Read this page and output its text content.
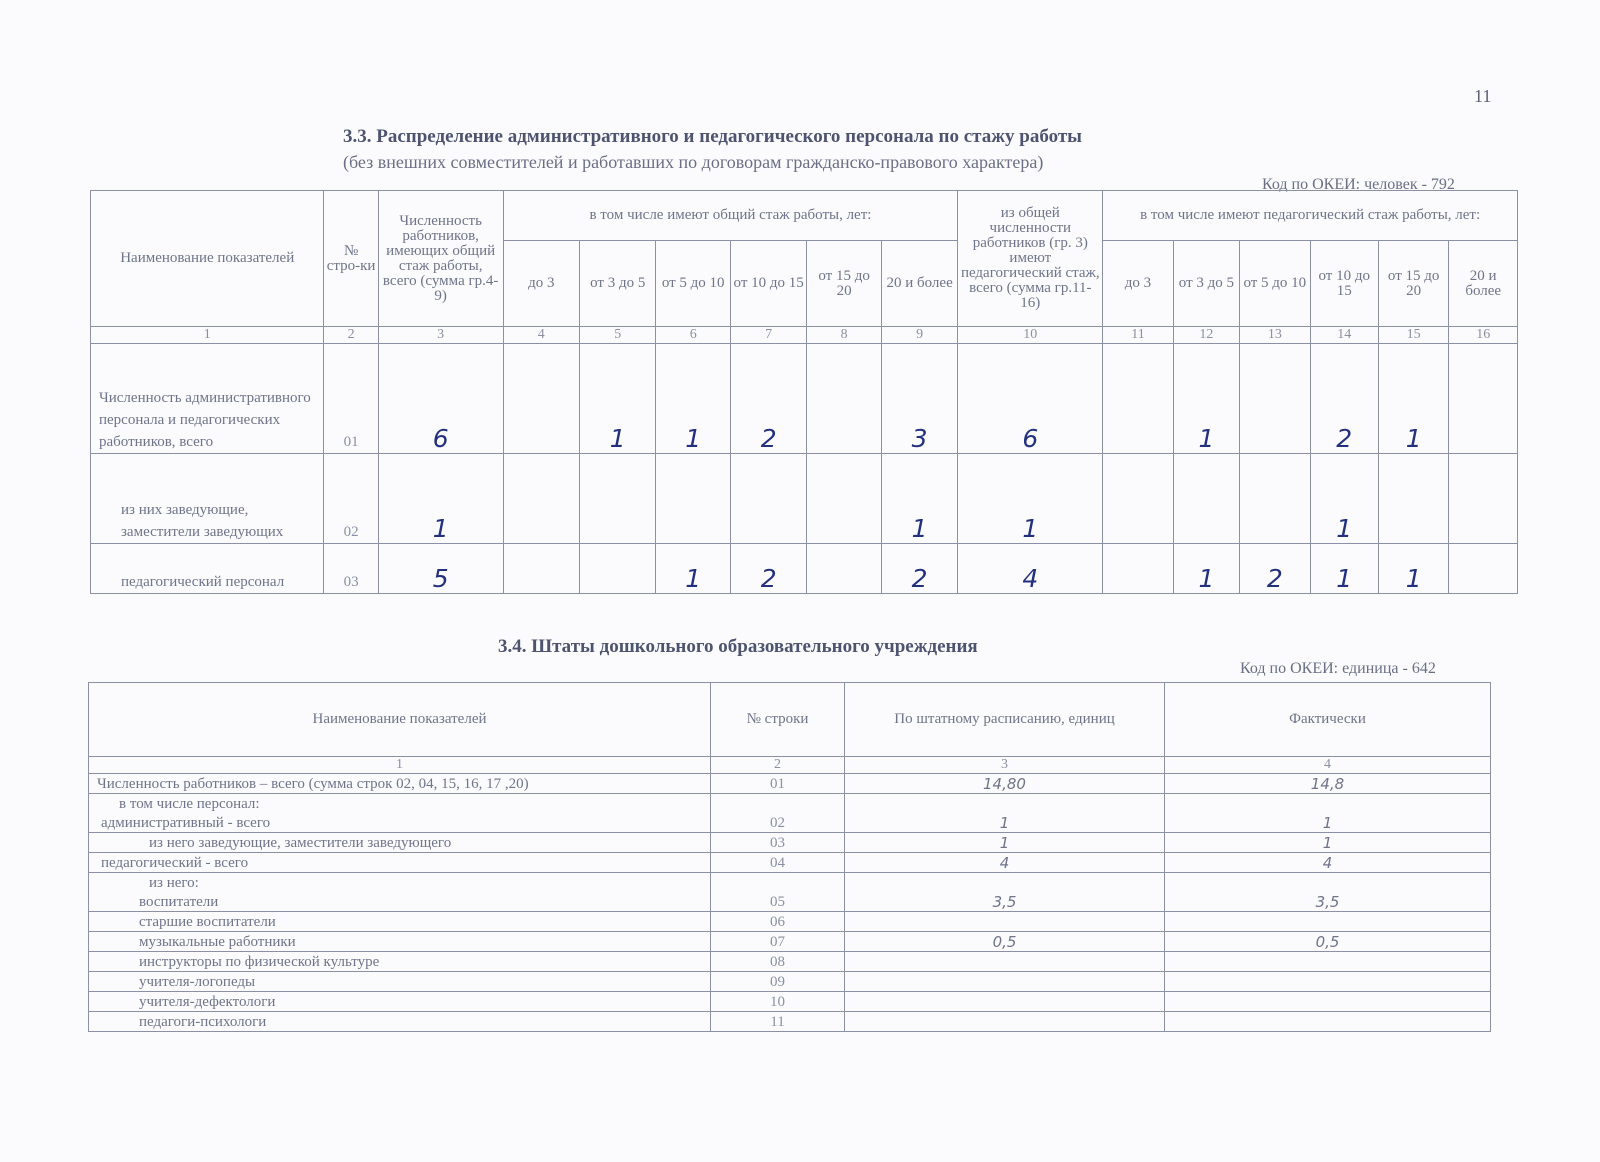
11
3.3. Распределение административного и педагогического персонала по стажу работы
(без внешних совместителей и работавших по договорам гражданско-правового характера)
Код по ОКЕИ: человек - 792
Наименование показателей	№ стро-ки	Численность работников, имеющих общий стаж работы, всего (сумма гр.4-9)	в том числе имеют общий стаж работы, лет:						из общей численности работников (гр. 3) имеют педагогический стаж, всего (сумма гр.11-16)	в том числе имеют педагогический стаж работы, лет:					
			до 3	от 3 до 5	от 5 до 10	от 10 до 15	от 15 до 20	20 и более		до 3	от 3 до 5	от 5 до 10	от 10 до 15	от 15 до 20	20 и более
1	2	3	4	5	6	7	8	9	10	11	12	13	14	15	16
Численность административного персонала и педагогических работников, всего	01	6		1	1	2		3	6		1		2	1	
из них заведующие, заместители заведующих	02	1						1	1				1		
педагогический персонал	03	5			1	2		2	4		1	2	1	1	
3.4. Штаты дошкольного образовательного учреждения
Код по ОКЕИ: единица - 642
Наименование показателей	№ строки	По штатному расписанию, единиц	Фактически
1	2	3	4
Численность работников – всего (сумма строк 02, 04, 15, 16, 17 ,20)	01	14,80	14,8
в том числе персонал:			
административный - всего	02	1	1
из него заведующие, заместители заведующего	03	1	1
педагогический - всего	04	4	4
из него:			
воспитатели	05	3,5	3,5
старшие воспитатели	06		
музыкальные работники	07	0,5	0,5
инструкторы по физической культуре	08		
учителя-логопеды	09		
учителя-дефектологи	10		
педагоги-психологи	11		
